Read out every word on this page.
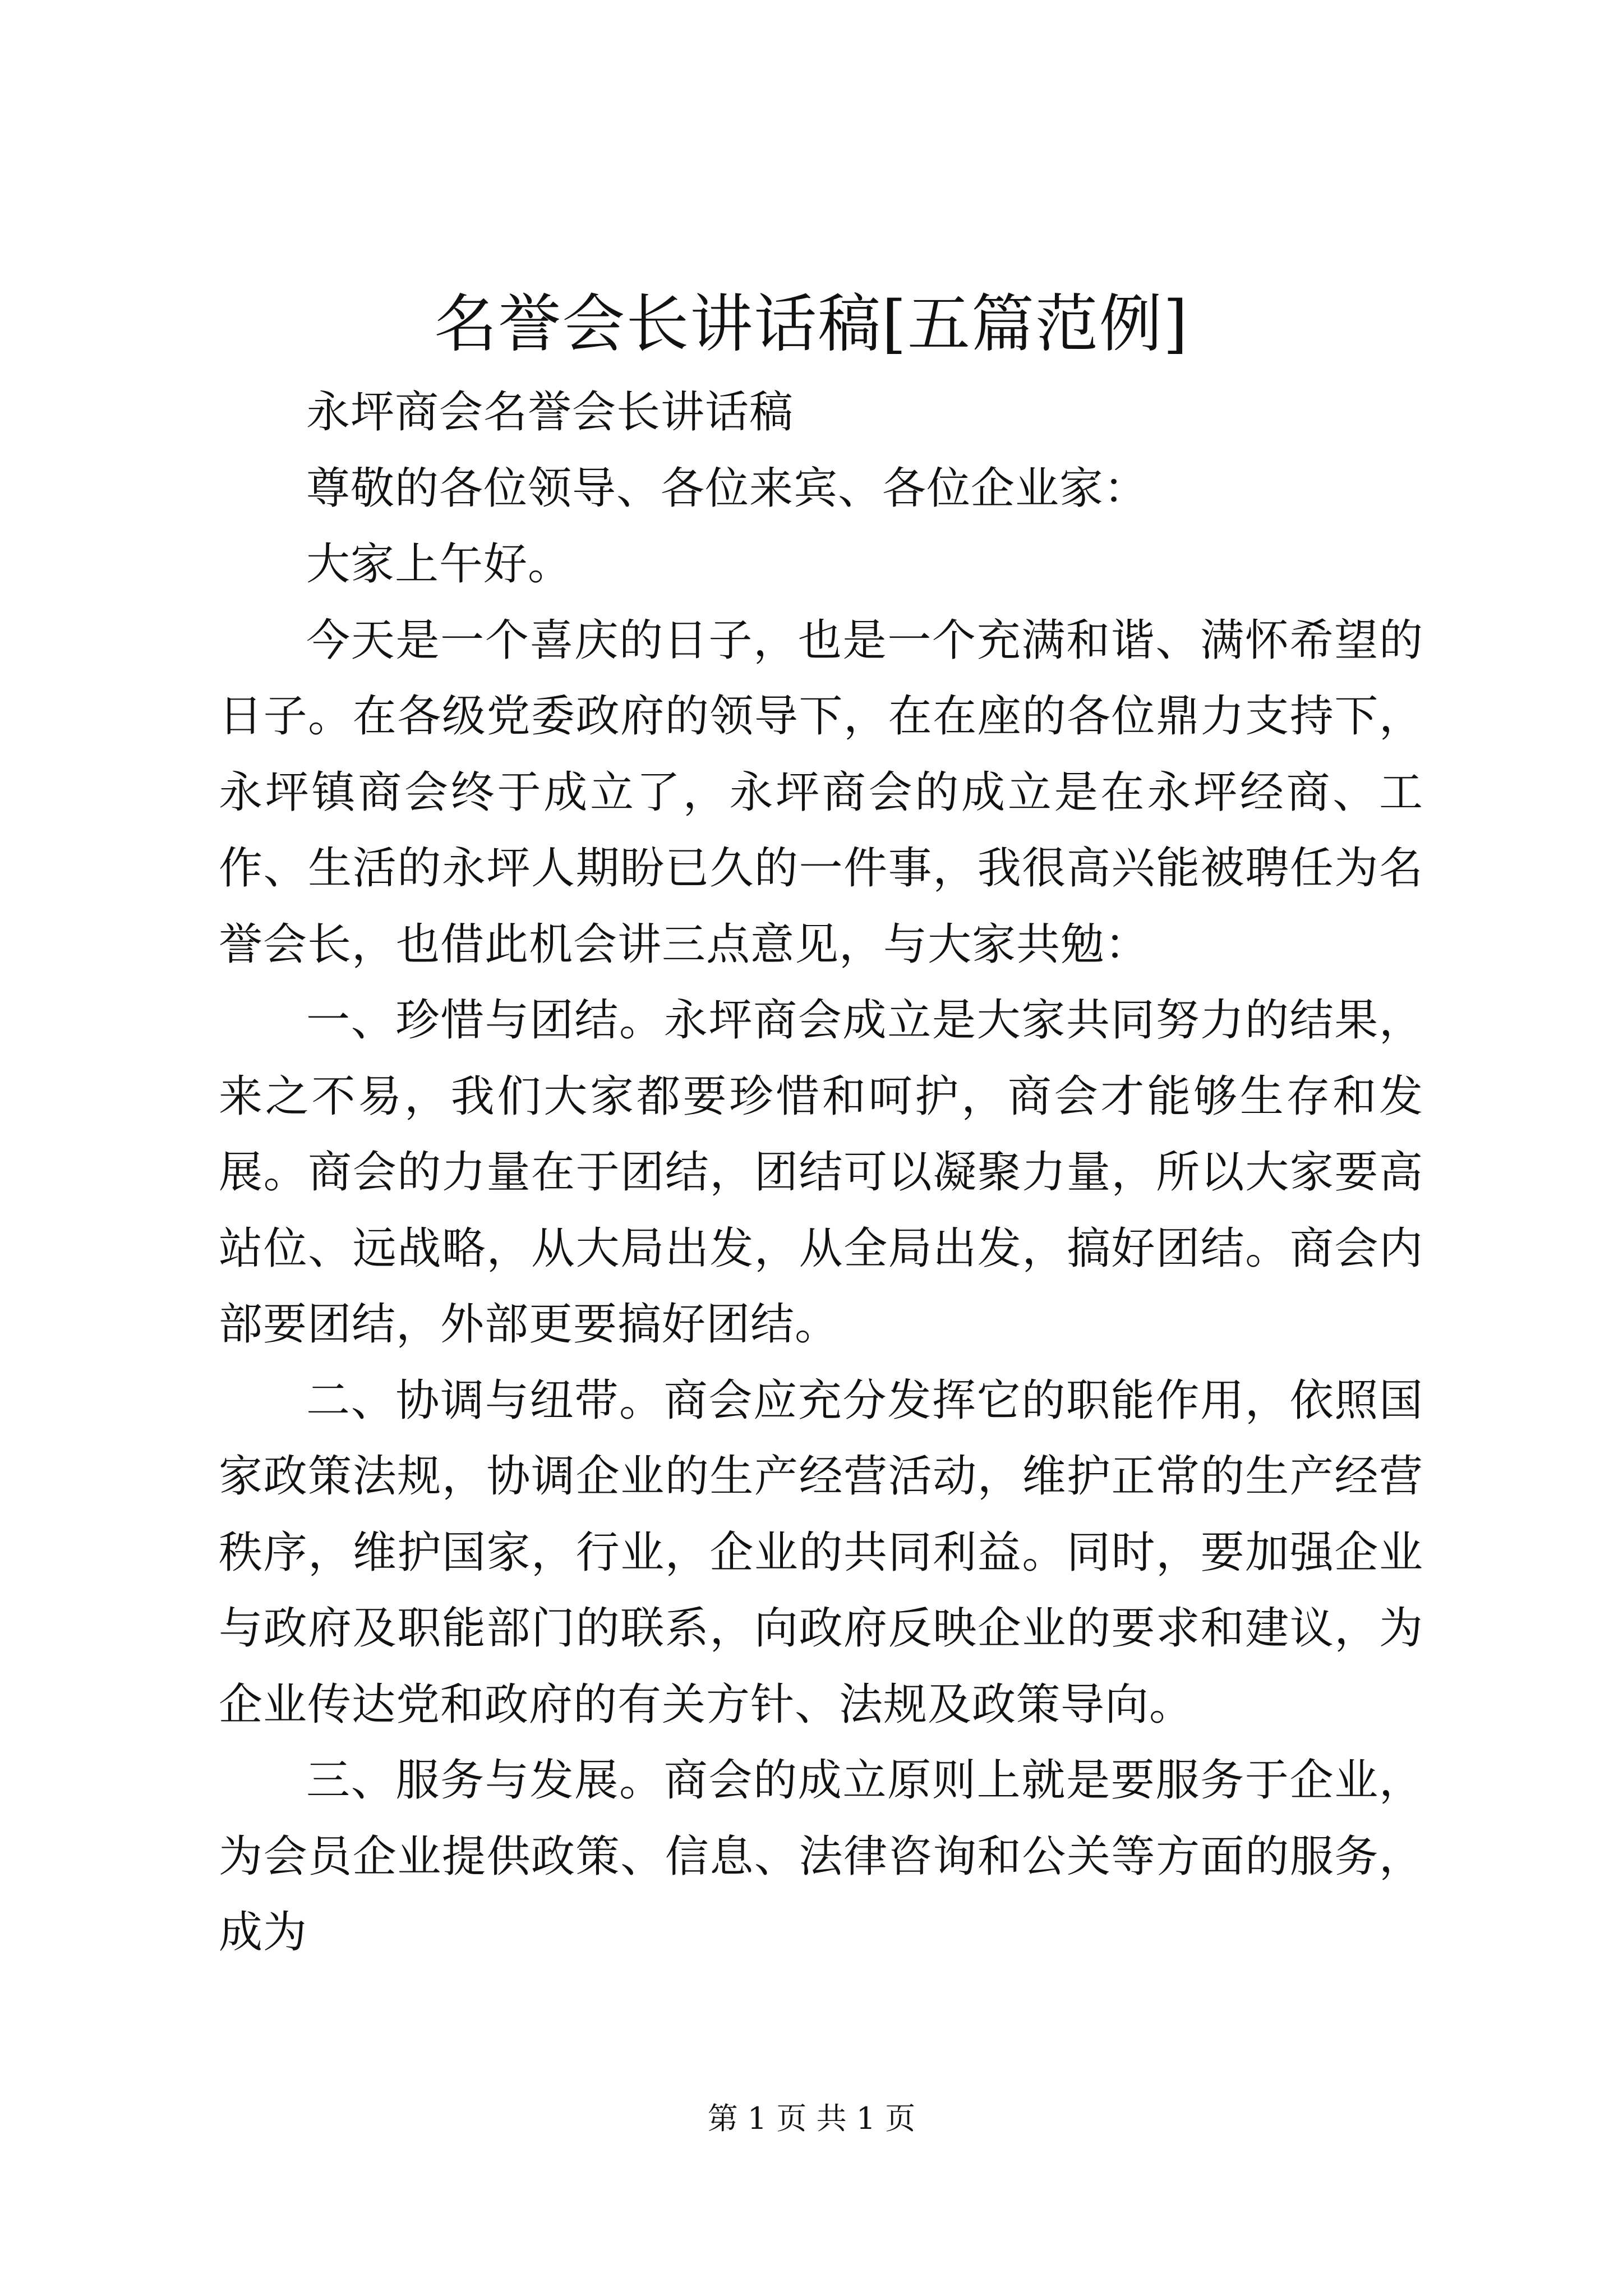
名誉会长讲话稿[五篇范例]

永坪商会名誉会长讲话稿

尊敬的各位领导、各位来宾、各位企业家：

大家上午好。

今天是一个喜庆的日子，也是一个充满和谐、满怀希望的日子。在各级党委政府的领导下，在在座的各位鼎力支持下，永坪镇商会终于成立了，永坪商会的成立是在永坪经商、工作、生活的永坪人期盼已久的一件事，我很高兴能被聘任为名誉会长，也借此机会讲三点意见，与大家共勉：

一、珍惜与团结。永坪商会成立是大家共同努力的结果，来之不易，我们大家都要珍惜和呵护，商会才能够生存和发展。商会的力量在于团结，团结可以凝聚力量，所以大家要高站位、远战略，从大局出发，从全局出发，搞好团结。商会内部要团结，外部更要搞好团结。

二、协调与纽带。商会应充分发挥它的职能作用，依照国家政策法规，协调企业的生产经营活动，维护正常的生产经营秩序，维护国家，行业，企业的共同利益。同时，要加强企业与政府及职能部门的联系，向政府反映企业的要求和建议，为企业传达党和政府的有关方针、法规及政策导向。

三、服务与发展。商会的成立原则上就是要服务于企业，为会员企业提供政策、信息、法律咨询和公关等方面的服务，成为

第 1 页 共 1 页
